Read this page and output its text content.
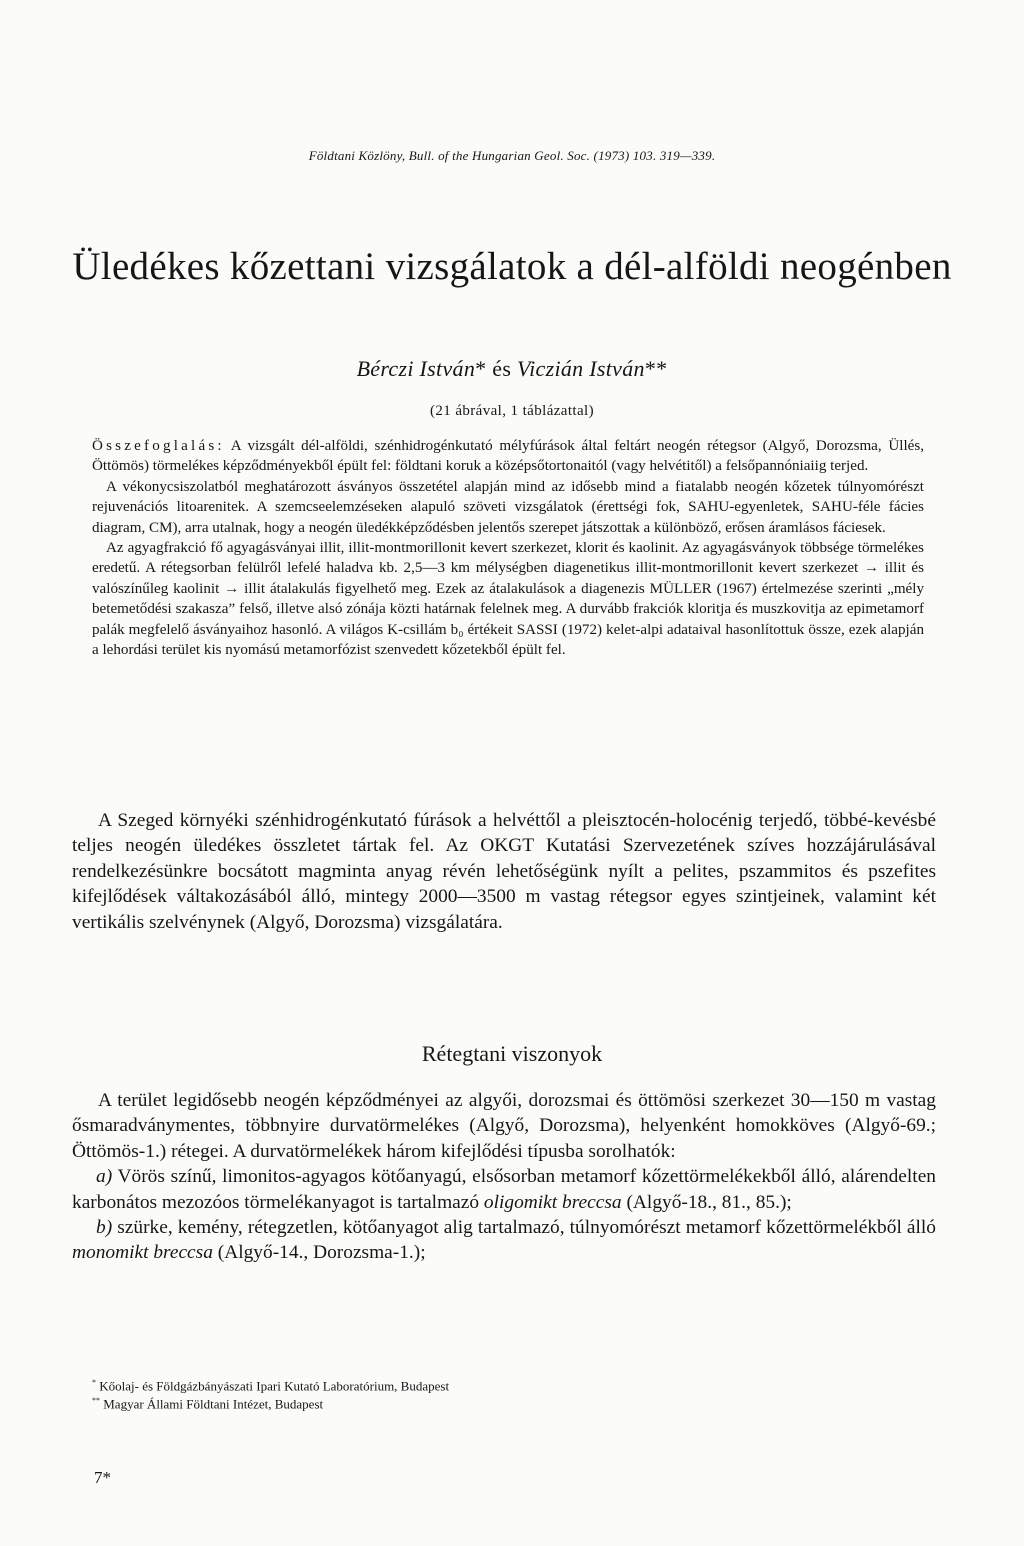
Földtani Közlöny, Bull. of the Hungarian Geol. Soc. (1973) 103. 319—339.
Üledékes kőzettani vizsgálatok a dél-alföldi neogénben
Bérczi István* és Viczián István**
(21 ábrával, 1 táblázattal)

Összefoglalás: A vizsgált dél-alföldi, szénhidrogénkutató mélyfúrások által feltárt neogén rétegsor (Algyő, Dorozsma, Üllés, Öttömös) törmelékes képződményekből épült fel: földtani koruk a középsőtortonaitól (vagy helvétitől) a felsőpannóniaiig terjed.

A vékonycsiszolatból meghatározott ásványos összetétel alapján mind az idősebb mind a fiatalabb neogén kőzetek túlnyomórészt rejuvenációs litoarenitek. A szemcseelemzéseken alapuló szöveti vizsgálatok (érettségi fok, SAHU-egyenletek, SAHU-féle fácies diagram, CM), arra utalnak, hogy a neogén üledékképződésben jelentős szerepet játszottak a különböző, erősen áramlásos fáciesek.

Az agyagfrakció fő agyagásványai illit, illit-montmorillonit kevert szerkezet, klorit és kaolinit. Az agyagásványok többsége törmelékes eredetű. A rétegsorban felülről lefelé haladva kb. 2,5—3 km mélységben diagenetikus illit-montmorillonit kevert szerkezet → illit és valószínűleg kaolinit → illit átalakulás figyelhető meg. Ezek az átalakulások a diagenezis MÜLLER (1967) értelmezése szerinti „mély betemetődési szakasza” felső, illetve alsó zónája közti határnak felelnek meg. A durvább frakciók kloritja és muszkovitja az epimetamorf palák megfelelő ásványaihoz hasonló. A világos K-csillám b₀ értékeit SASSI (1972) kelet-alpi adataival hasonlítottuk össze, ezek alapján a lehordási terület kis nyomású metamorfózist szenvedett kőzetekből épült fel.

A Szeged környéki szénhidrogénkutató fúrások a helvéttől a pleisztocén-holocénig terjedő, többé-kevésbé teljes neogén üledékes összletet tártak fel. Az OKGT Kutatási Szervezetének szíves hozzájárulásával rendelkezésünkre bocsátott magminta anyag révén lehetőségünk nyílt a pelites, pszammitos és pszefites kifejlődések váltakozásából álló, mintegy 2000—3500 m vastag rétegsor egyes szintjeinek, valamint két vertikális szelvénynek (Algyő, Dorozsma) vizsgálatára.

Rétegtani viszonyok

A terület legidősebb neogén képződményei az algyői, dorozsmai és öttömösi szerkezet 30—150 m vastag ősmaradványmentes, többnyire durvatörmelékes (Algyő, Dorozsma), helyenként homokköves (Algyő-69.; Öttömös-1.) rétegei. A durvatörmelékek három kifejlődési típusba sorolhatók:

a) Vörös színű, limonitos-agyagos kötőanyagú, elsősorban metamorf kőzettörmelékekből álló, alárendelten karbonátos mezozóos törmelékanyagot is tartalmazó oligomikt breccsa (Algyő-18., 81., 85.);

b) szürke, kemény, rétegzetlen, kötőanyagot alig tartalmazó, túlnyomórészt metamorf kőzettörmelékből álló monomikt breccsa (Algyő-14., Dorozsma-1.);

* Kőolaj- és Földgázbányászati Ipari Kutató Laboratórium, Budapest
** Magyar Állami Földtani Intézet, Budapest
7*
